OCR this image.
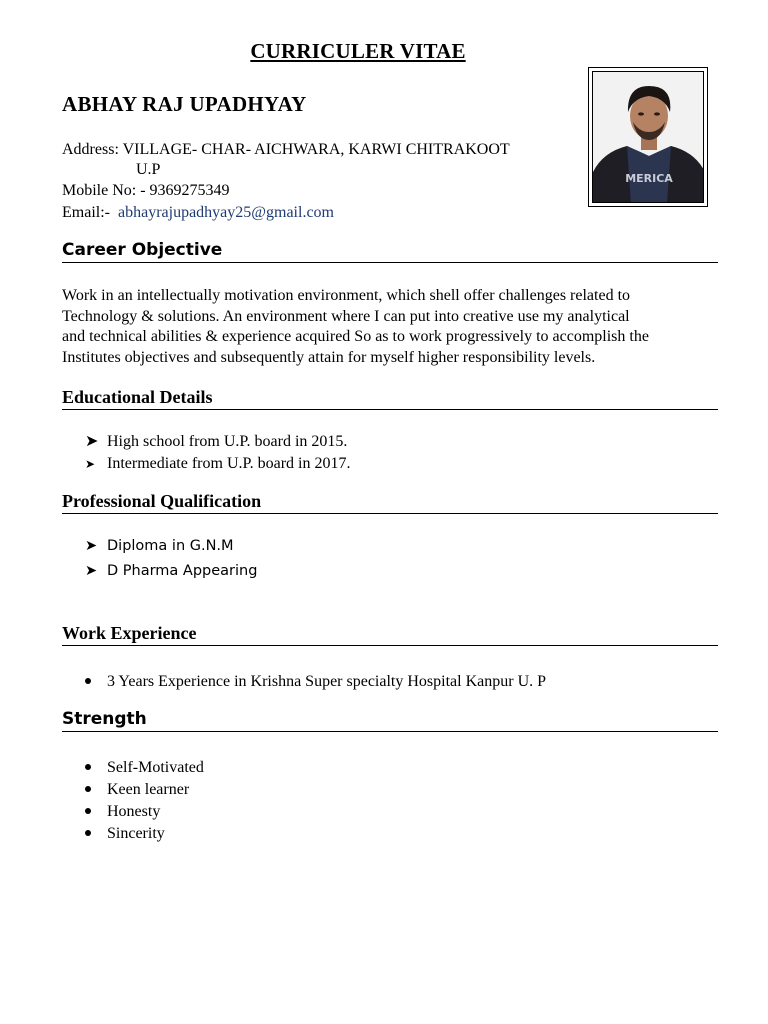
CURRICULER VITAE
ABHAY RAJ UPADHYAY
Address: VILLAGE- CHAR- AICHWARA, KARWI CHITRAKOOT
U.P
Mobile No: - 9369275349
Email:- abhayrajupadhyay25@gmail.com
MERICA
Career Objective
Work in an intellectually motivation environment, which shell offer challenges related to
Technology & solutions. An environment where I can put into creative use my analytical
and technical abilities & experience acquired So as to work progressively to accomplish the
Institutes objectives and subsequently attain for myself higher responsibility levels.
Educational Details
➤ High school from U.P. board in 2015.
➤ Intermediate from U.P. board in 2017.
Professional Qualification
➤ Diploma in G.N.M
➤ D Pharma Appearing
Work Experience
3 Years Experience in Krishna Super specialty Hospital Kanpur U. P
Strength
Self-Motivated
Keen learner
Honesty
Sincerity
